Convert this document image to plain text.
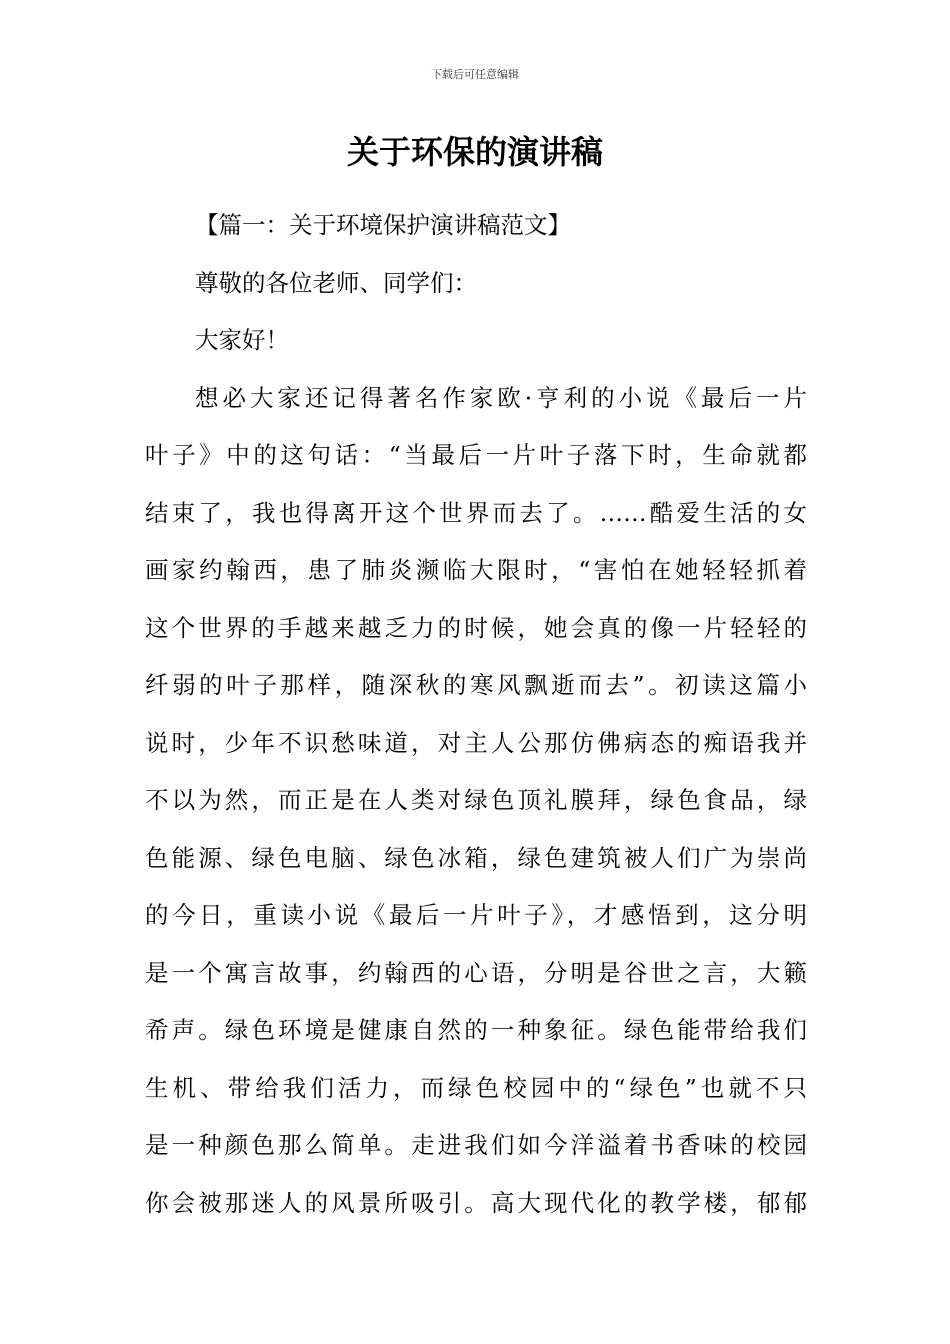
下载后可任意编辑
关于环保的演讲稿
【篇一：关于环境保护演讲稿范文】
尊敬的各位老师、同学们：
大家好！
想必大家还记得著名作家欧·亨利的小说《最后一片
叶子》中的这句话：“当最后一片叶子落下时，生命就都
结束了，我也得离开这个世界而去了。……酷爱生活的女
画家约翰西，患了肺炎濒临大限时，“害怕在她轻轻抓着
这个世界的手越来越乏力的时候，她会真的像一片轻轻的
纤弱的叶子那样，随深秋的寒风飘逝而去”。初读这篇小
说时，少年不识愁味道，对主人公那仿佛病态的痴语我并
不以为然，而正是在人类对绿色顶礼膜拜，绿色食品，绿
色能源、绿色电脑、绿色冰箱，绿色建筑被人们广为崇尚
的今日，重读小说《最后一片叶子》，才感悟到，这分明
是一个寓言故事，约翰西的心语，分明是谷世之言，大籁
希声。绿色环境是健康自然的一种象征。绿色能带给我们
生机、带给我们活力，而绿色校园中的“绿色”也就不只
是一种颜色那么简单。走进我们如今洋溢着书香味的校园
你会被那迷人的风景所吸引。高大现代化的教学楼，郁郁
